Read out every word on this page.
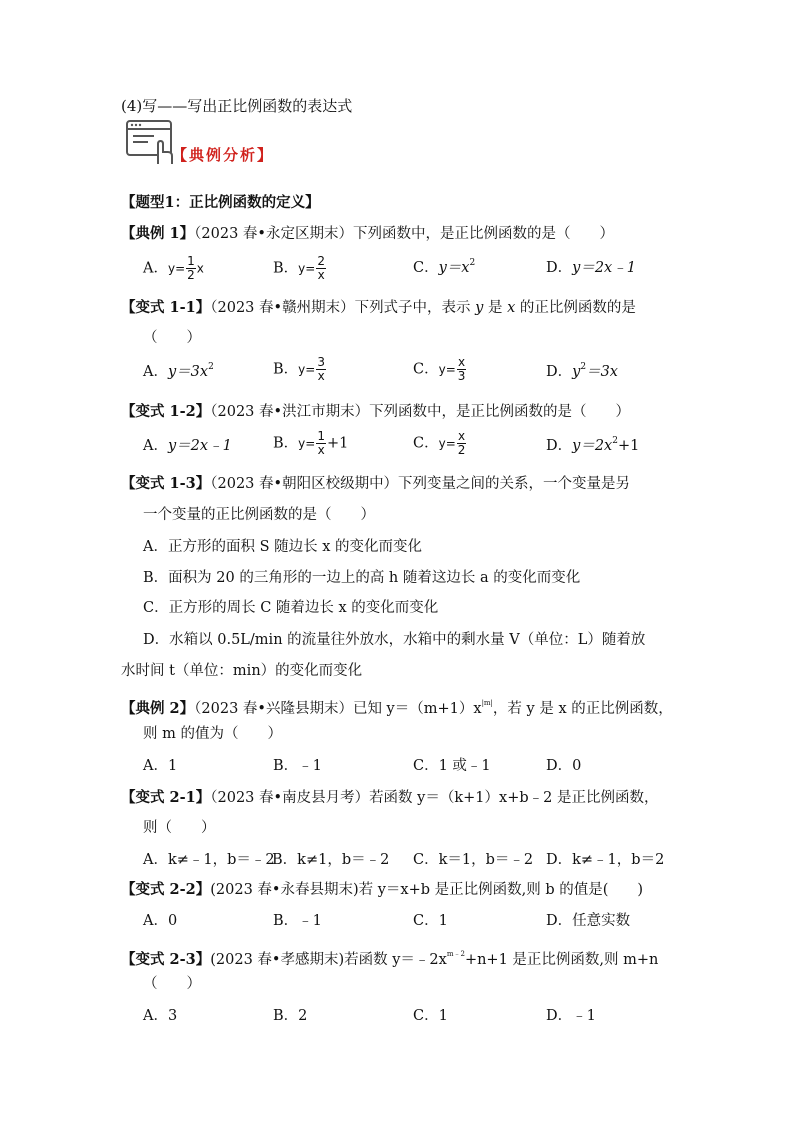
(4)写——写出正比例函数的表达式
【典例分析】
【题型1：正比例函数的定义】
【典例 1】（2023 春•永定区期末）下列函数中，是正比例函数的是（　　）
A．$y= \frac{1}{2}$ x	B．$y= \frac{2}{x}$	C．$y=x^2$	D．y＝2x﹣1
【变式 1-1】（2023 春•赣州期末）下列式子中，表示 y 是 x 的正比例函数的是
（　　）
A．$y=3x^2$	B．$y= \frac{3}{x}$	C．$y= \frac{x}{3}$	D．$y^2=3x$
【变式 1-2】（2023 春•洪江市期末）下列函数中，是正比例函数的是（　　）
A．y＝2x﹣1	B．$y= \frac{1}{x} +1$	C．$y= \frac{x}{2}$	D．$y=2x^2+1$
【变式 1-3】（2023 春•朝阳区校级期中）下列变量之间的关系，一个变量是另
一个变量的正比例函数的是（　　）
A．正方形的面积 S 随边长 x 的变化而变化
B．面积为 20 的三角形的一边上的高 h 随着这边长 a 的变化而变化
C．正方形的周长 C 随着边长 x 的变化而变化
D．水箱以 0.5L/min 的流量往外放水，水箱中的剩水量 V（单位：L）随着放
水时间 t（单位：min）的变化而变化
【典例 2】（2023 春•兴隆县期末）已知 $y=(m+1)x^{|m|}$，若 y 是 x 的正比例函数，
则 m 的值为（　　）
A．1	B．﹣1	C．1 或﹣1	D．0
【变式 2-1】（2023 春•南皮县月考）若函数 y＝（k+1）x+b﹣2 是正比例函数，
则（　　）
A．k≠﹣1，b＝﹣2
B．k≠1，b＝﹣2 C．k＝1，b＝﹣2 D．k≠﹣1，b＝2
【变式 2-2】(2023 春•永春县期末)若 y＝x+b 是正比例函数,则 b 的值是(　　)
A．0	B．﹣1	C．1	D．任意实数
【变式 2-3】(2023 春•孝感期末)若函数 $y=﹣2x^{m﹣2}+n+1$ 是正比例函数,则 m+n
（　　）
A．3	B．2	C．1	D．﹣1
